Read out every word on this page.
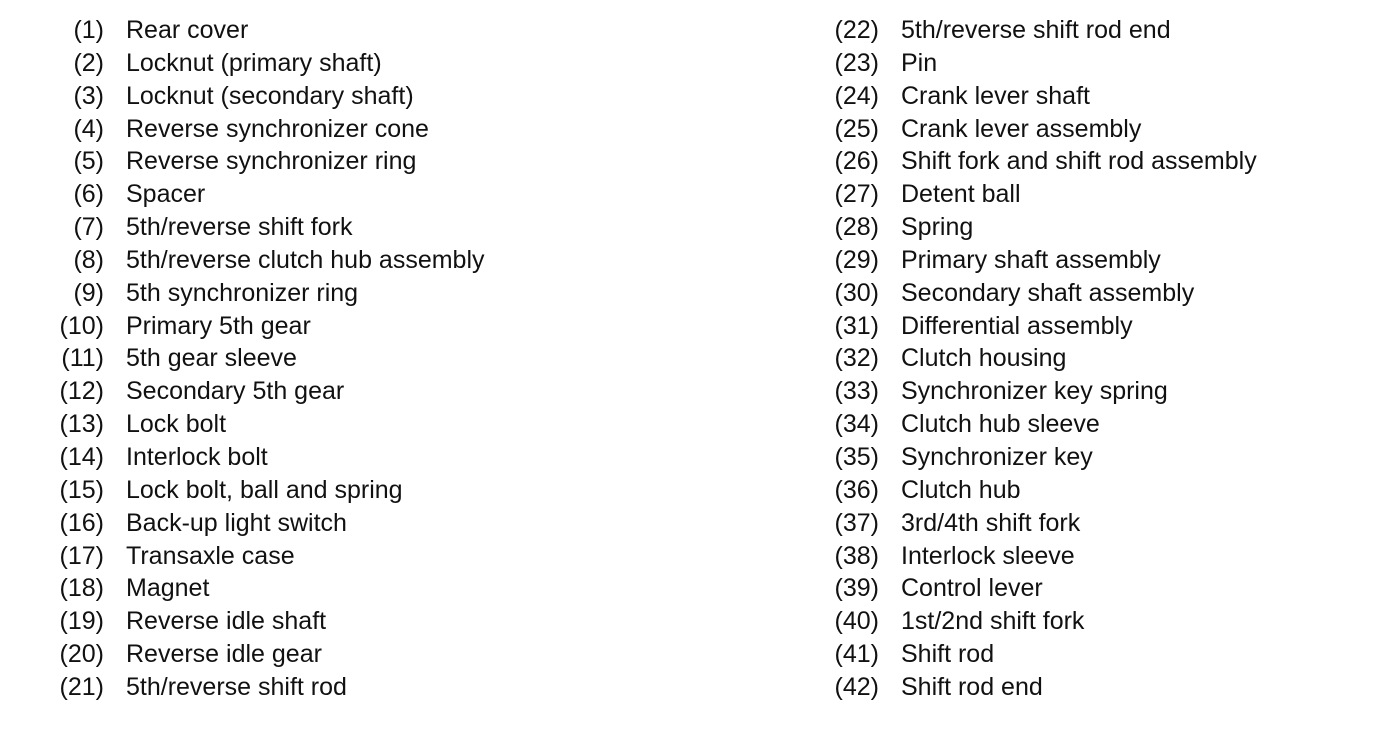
(1) Rear cover
(2) Locknut (primary shaft)
(3) Locknut (secondary shaft)
(4) Reverse synchronizer cone
(5) Reverse synchronizer ring
(6) Spacer
(7) 5th/reverse shift fork
(8) 5th/reverse clutch hub assembly
(9) 5th synchronizer ring
(10) Primary 5th gear
(11) 5th gear sleeve
(12) Secondary 5th gear
(13) Lock bolt
(14) Interlock bolt
(15) Lock bolt, ball and spring
(16) Back-up light switch
(17) Transaxle case
(18) Magnet
(19) Reverse idle shaft
(20) Reverse idle gear
(21) 5th/reverse shift rod
(22) 5th/reverse shift rod end
(23) Pin
(24) Crank lever shaft
(25) Crank lever assembly
(26) Shift fork and shift rod assembly
(27) Detent ball
(28) Spring
(29) Primary shaft assembly
(30) Secondary shaft assembly
(31) Differential assembly
(32) Clutch housing
(33) Synchronizer key spring
(34) Clutch hub sleeve
(35) Synchronizer key
(36) Clutch hub
(37) 3rd/4th shift fork
(38) Interlock sleeve
(39) Control lever
(40) 1st/2nd shift fork
(41) Shift rod
(42) Shift rod end
